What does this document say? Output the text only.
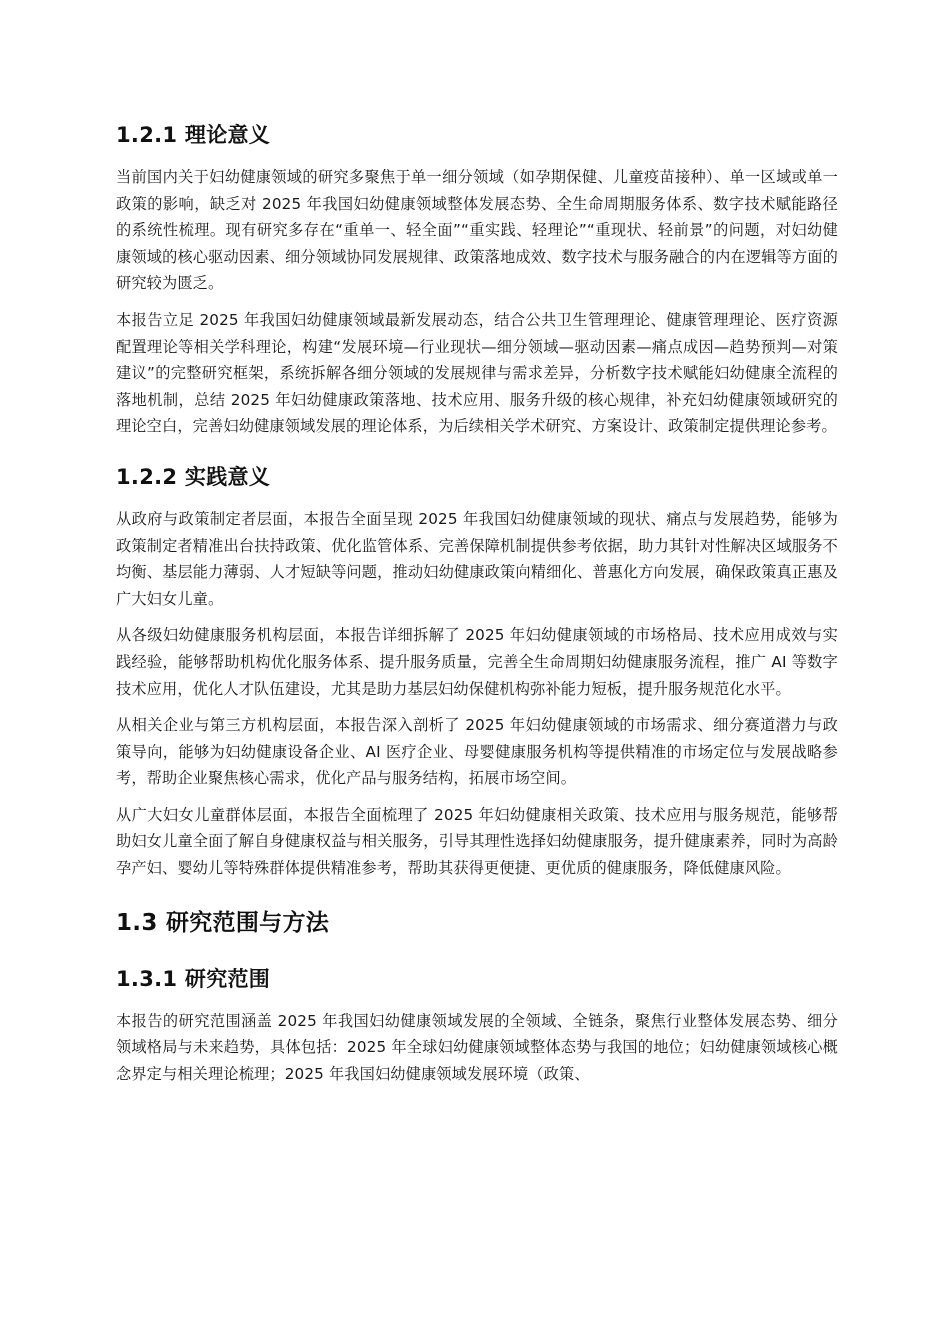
1.2.1 理论意义

当前国内关于妇幼健康领域的研究多聚焦于单一细分领域（如孕期保健、儿童疫苗接种）、单一区域或单一政策的影响，缺乏对 2025 年我国妇幼健康领域整体发展态势、全生命周期服务体系、数字技术赋能路径的系统性梳理。现有研究多存在“重单一、轻全面”“重实践、轻理论”“重现状、轻前景”的问题，对妇幼健康领域的核心驱动因素、细分领域协同发展规律、政策落地成效、数字技术与服务融合的内在逻辑等方面的研究较为匮乏。

本报告立足 2025 年我国妇幼健康领域最新发展动态，结合公共卫生管理理论、健康管理理论、医疗资源配置理论等相关学科理论，构建“发展环境—行业现状—细分领域—驱动因素—痛点成因—趋势预判—对策建议”的完整研究框架，系统拆解各细分领域的发展规律与需求差异，分析数字技术赋能妇幼健康全流程的落地机制，总结 2025 年妇幼健康政策落地、技术应用、服务升级的核心规律，补充妇幼健康领域研究的理论空白，完善妇幼健康领域发展的理论体系，为后续相关学术研究、方案设计、政策制定提供理论参考。

1.2.2 实践意义

从政府与政策制定者层面，本报告全面呈现 2025 年我国妇幼健康领域的现状、痛点与发展趋势，能够为政策制定者精准出台扶持政策、优化监管体系、完善保障机制提供参考依据，助力其针对性解决区域服务不均衡、基层能力薄弱、人才短缺等问题，推动妇幼健康政策向精细化、普惠化方向发展，确保政策真正惠及广大妇女儿童。

从各级妇幼健康服务机构层面，本报告详细拆解了 2025 年妇幼健康领域的市场格局、技术应用成效与实践经验，能够帮助机构优化服务体系、提升服务质量，完善全生命周期妇幼健康服务流程，推广 AI 等数字技术应用，优化人才队伍建设，尤其是助力基层妇幼保健机构弥补能力短板，提升服务规范化水平。

从相关企业与第三方机构层面，本报告深入剖析了 2025 年妇幼健康领域的市场需求、细分赛道潜力与政策导向，能够为妇幼健康设备企业、AI 医疗企业、母婴健康服务机构等提供精准的市场定位与发展战略参考，帮助企业聚焦核心需求，优化产品与服务结构，拓展市场空间。

从广大妇女儿童群体层面，本报告全面梳理了 2025 年妇幼健康相关政策、技术应用与服务规范，能够帮助妇女儿童全面了解自身健康权益与相关服务，引导其理性选择妇幼健康服务，提升健康素养，同时为高龄孕产妇、婴幼儿等特殊群体提供精准参考，帮助其获得更便捷、更优质的健康服务，降低健康风险。

1.3 研究范围与方法
1.3.1 研究范围

本报告的研究范围涵盖 2025 年我国妇幼健康领域发展的全领域、全链条，聚焦行业整体发展态势、细分领域格局与未来趋势，具体包括：2025 年全球妇幼健康领域整体态势与我国的地位；妇幼健康领域核心概念界定与相关理论梳理；2025 年我国妇幼健康领域发展环境（政策、
